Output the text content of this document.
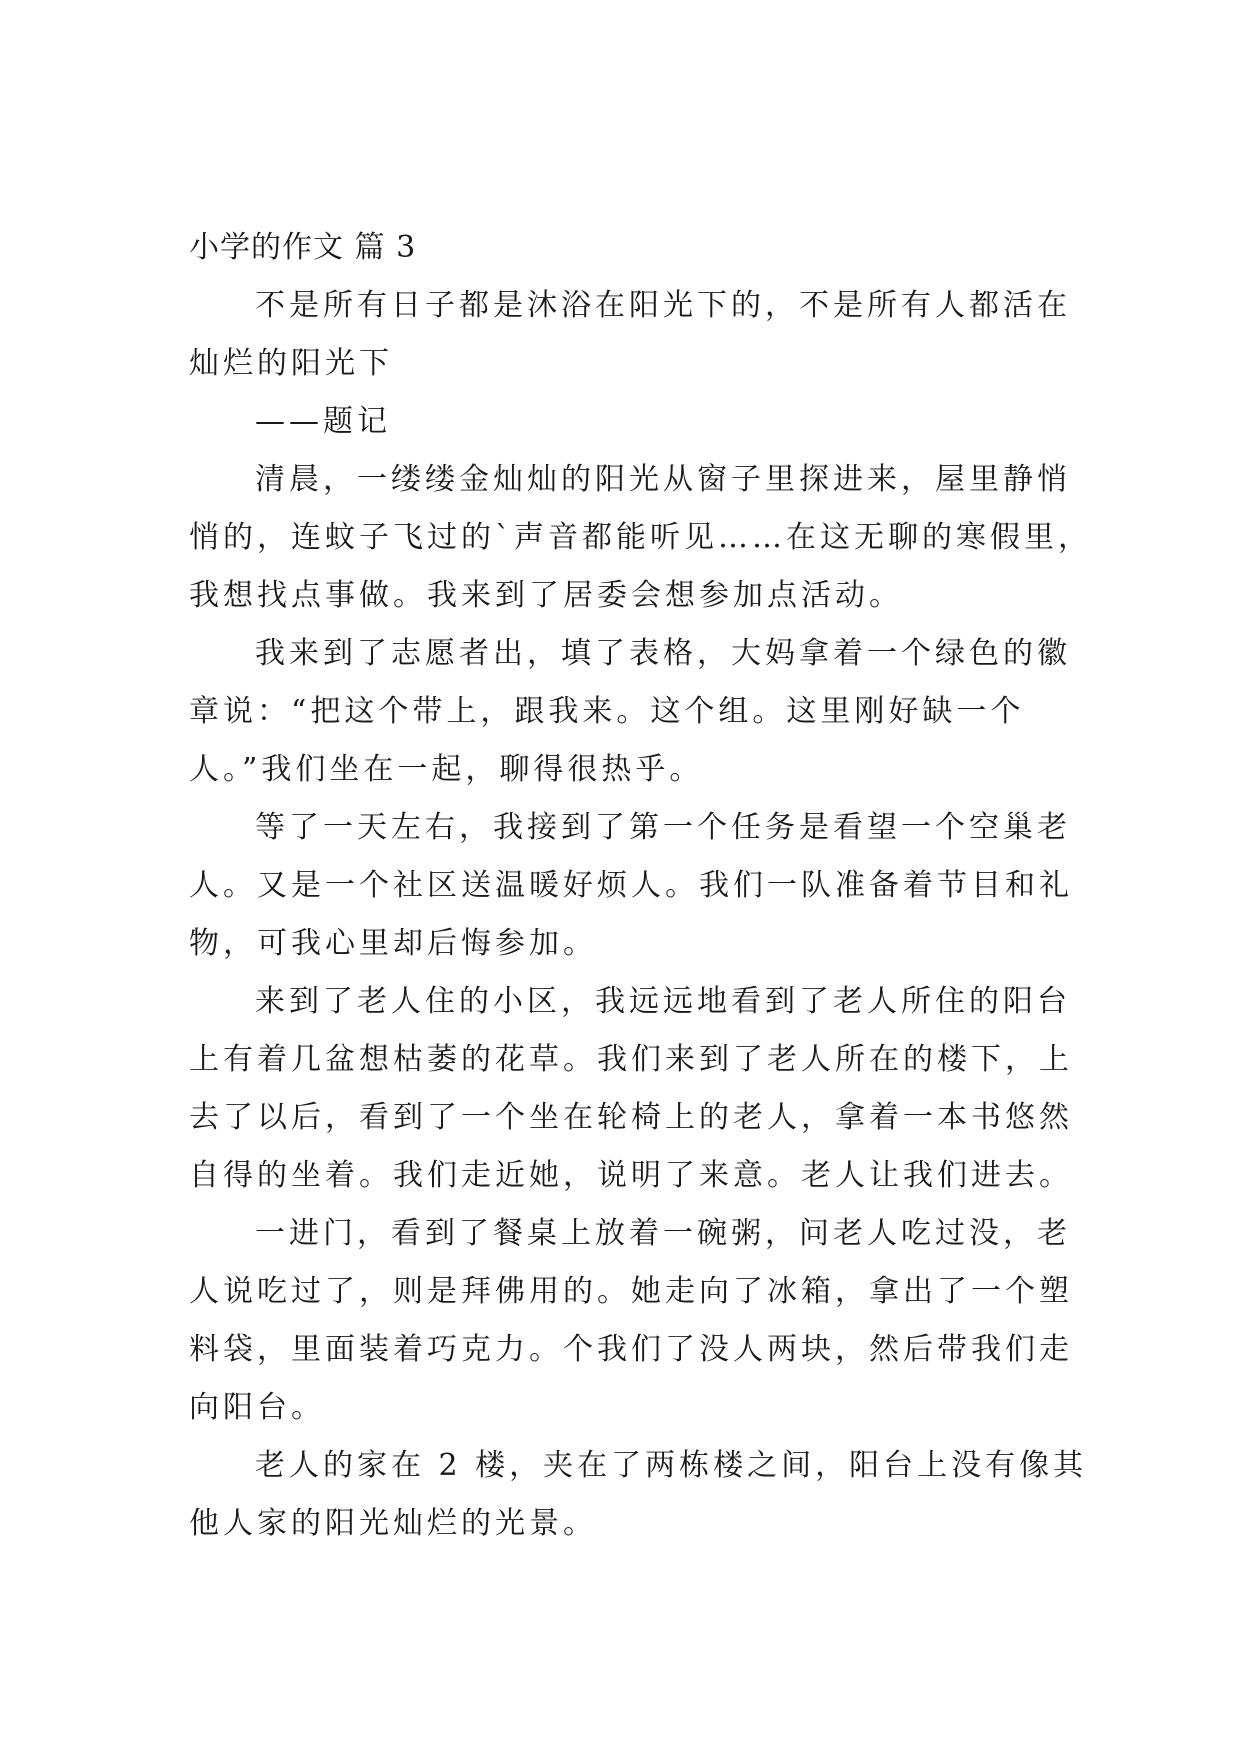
小学的作文 篇 3
不是所有日子都是沐浴在阳光下的，不是所有人都活在
灿烂的阳光下
——题记
清晨，一缕缕金灿灿的阳光从窗子里探进来，屋里静悄
悄的，连蚊子飞过的`声音都能听见……在这无聊的寒假里，
我想找点事做。我来到了居委会想参加点活动。
我来到了志愿者出，填了表格，大妈拿着一个绿色的徽
章说：“把这个带上，跟我来。这个组。这里刚好缺一个
人。”我们坐在一起，聊得很热乎。
等了一天左右，我接到了第一个任务是看望一个空巢老
人。又是一个社区送温暖好烦人。我们一队准备着节目和礼
物，可我心里却后悔参加。
来到了老人住的小区，我远远地看到了老人所住的阳台
上有着几盆想枯萎的花草。我们来到了老人所在的楼下，上
去了以后，看到了一个坐在轮椅上的老人，拿着一本书悠然
自得的坐着。我们走近她，说明了来意。老人让我们进去。
一进门，看到了餐桌上放着一碗粥，问老人吃过没，老
人说吃过了，则是拜佛用的。她走向了冰箱，拿出了一个塑
料袋，里面装着巧克力。个我们了没人两块，然后带我们走
向阳台。
老人的家在 2 楼，夹在了两栋楼之间，阳台上没有像其
他人家的阳光灿烂的光景。
